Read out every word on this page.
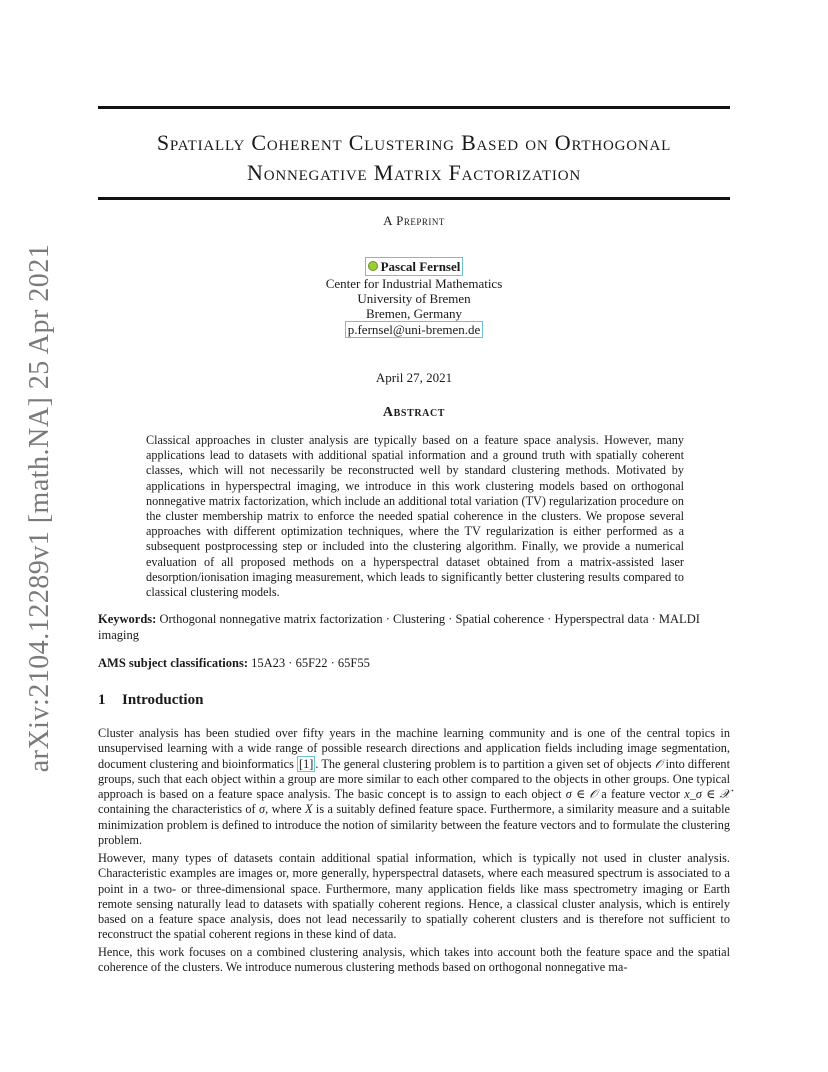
arXiv:2104.12289v1 [math.NA] 25 Apr 2021
Spatially Coherent Clustering Based on Orthogonal
Nonnegative Matrix Factorization
A Preprint
Pascal Fernsel
Center for Industrial Mathematics
University of Bremen
Bremen, Germany
p.fernsel@uni-bremen.de
April 27, 2021
Abstract

Classical approaches in cluster analysis are typically based on a feature space analysis. However, many applications lead to datasets with additional spatial information and a ground truth with spatially coherent classes, which will not necessarily be reconstructed well by standard clustering methods. Motivated by applications in hyperspectral imaging, we introduce in this work clustering models based on orthogonal nonnegative matrix factorization, which include an additional total variation (TV) regularization procedure on the cluster membership matrix to enforce the needed spatial coherence in the clusters. We propose several approaches with different optimization techniques, where the TV regularization is either performed as a subsequent postprocessing step or included into the clustering algorithm. Finally, we provide a numerical evaluation of all proposed methods on a hyperspectral dataset obtained from a matrix-assisted laser desorption/ionisation imaging measurement, which leads to significantly better clustering results compared to classical clustering models.

Keywords: Orthogonal nonnegative matrix factorization · Clustering · Spatial coherence · Hyperspectral data · MALDI imaging

AMS subject classifications: 15A23 · 65F22 · 65F55

1 Introduction

Cluster analysis has been studied over fifty years in the machine learning community and is one of the central topics in unsupervised learning with a wide range of possible research directions and application fields including image segmentation, document clustering and bioinformatics [1] . The general clustering problem is to partition a given set of objects 𝒪 into different groups, such that each object within a group are more similar to each other compared to the objects in other groups. One typical approach is based on a feature space analysis. The basic concept is to assign to each object σ ∈ 𝒪 a feature vector x_σ ∈ 𝒳 containing the characteristics of σ, where X is a suitably defined feature space. Furthermore, a similarity measure and a suitable minimization problem is defined to introduce the notion of similarity between the feature vectors and to formulate the clustering problem.

However, many types of datasets contain additional spatial information, which is typically not used in cluster analysis. Characteristic examples are images or, more generally, hyperspectral datasets, where each measured spectrum is associated to a point in a two- or three-dimensional space. Furthermore, many application fields like mass spectrometry imaging or Earth remote sensing naturally lead to datasets with spatially coherent regions. Hence, a classical cluster analysis, which is entirely based on a feature space analysis, does not lead necessarily to spatially coherent clusters and is therefore not sufficient to reconstruct the spatial coherent regions in these kind of data.

Hence, this work focuses on a combined clustering analysis, which takes into account both the feature space and the spatial coherence of the clusters. We introduce numerous clustering methods based on orthogonal nonnegative ma-
